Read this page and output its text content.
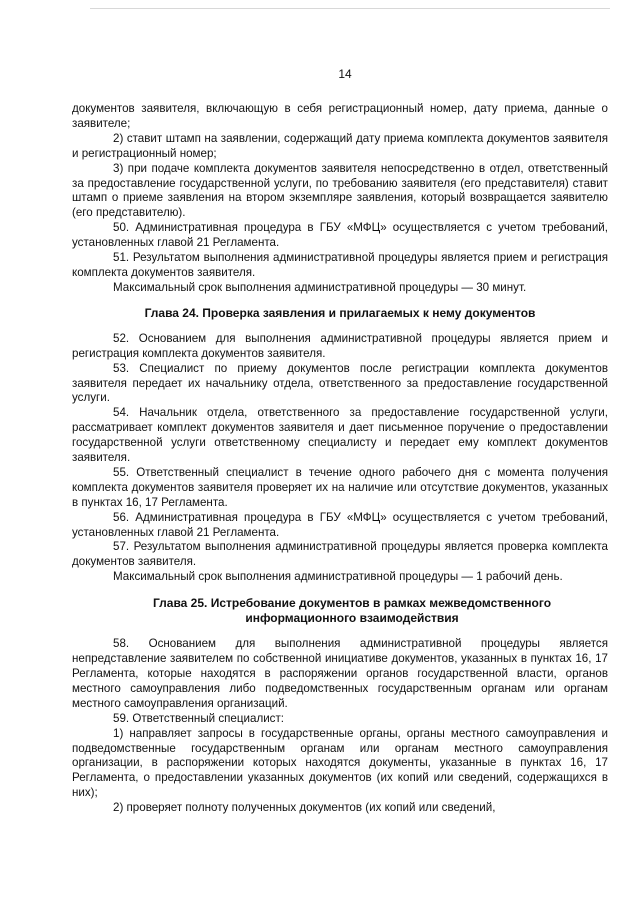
14

документов заявителя, включающую в себя регистрационный номер, дату приема, данные о заявителе;

2) ставит штамп на заявлении, содержащий дату приема комплекта документов заявителя и регистрационный номер;

3) при подаче комплекта документов заявителя непосредственно в отдел, ответственный за предоставление государственной услуги, по требованию заявителя (его представителя) ставит штамп о приеме заявления на втором экземпляре заявления, который возвращается заявителю (его представителю).

50. Административная процедура в ГБУ «МФЦ» осуществляется с учетом требований, установленных главой 21 Регламента.

51. Результатом выполнения административной процедуры является прием и регистрация комплекта документов заявителя.

Максимальный срок выполнения административной процедуры — 30 минут.

Глава 24. Проверка заявления и прилагаемых к нему документов

52. Основанием для выполнения административной процедуры является прием и регистрация комплекта документов заявителя.

53. Специалист по приему документов после регистрации комплекта документов заявителя передает их начальнику отдела, ответственного за предоставление государственной услуги.

54. Начальник отдела, ответственного за предоставление государственной услуги, рассматривает комплект документов заявителя и дает письменное поручение о предоставлении государственной услуги ответственному специалисту и передает ему комплект документов заявителя.

55. Ответственный специалист в течение одного рабочего дня с момента получения комплекта документов заявителя проверяет их на наличие или отсутствие документов, указанных в пунктах 16, 17 Регламента.

56. Административная процедура в ГБУ «МФЦ» осуществляется с учетом требований, установленных главой 21 Регламента.

57. Результатом выполнения административной процедуры является проверка комплекта документов заявителя.

Максимальный срок выполнения административной процедуры — 1 рабочий день.

Глава 25. Истребование документов в рамках межведомственного информационного взаимодействия

58. Основанием для выполнения административной процедуры является непредставление заявителем по собственной инициативе документов, указанных в пунктах 16, 17 Регламента, которые находятся в распоряжении органов государственной власти, органов местного самоуправления либо подведомственных государственным органам или органам местного самоуправления организаций.

59. Ответственный специалист:

1) направляет запросы в государственные органы, органы местного самоуправления и подведомственные государственным органам или органам местного самоуправления организации, в распоряжении которых находятся документы, указанные в пунктах 16, 17 Регламента, о предоставлении указанных документов (их копий или сведений, содержащихся в них);

2) проверяет полноту полученных документов (их копий или сведений,
